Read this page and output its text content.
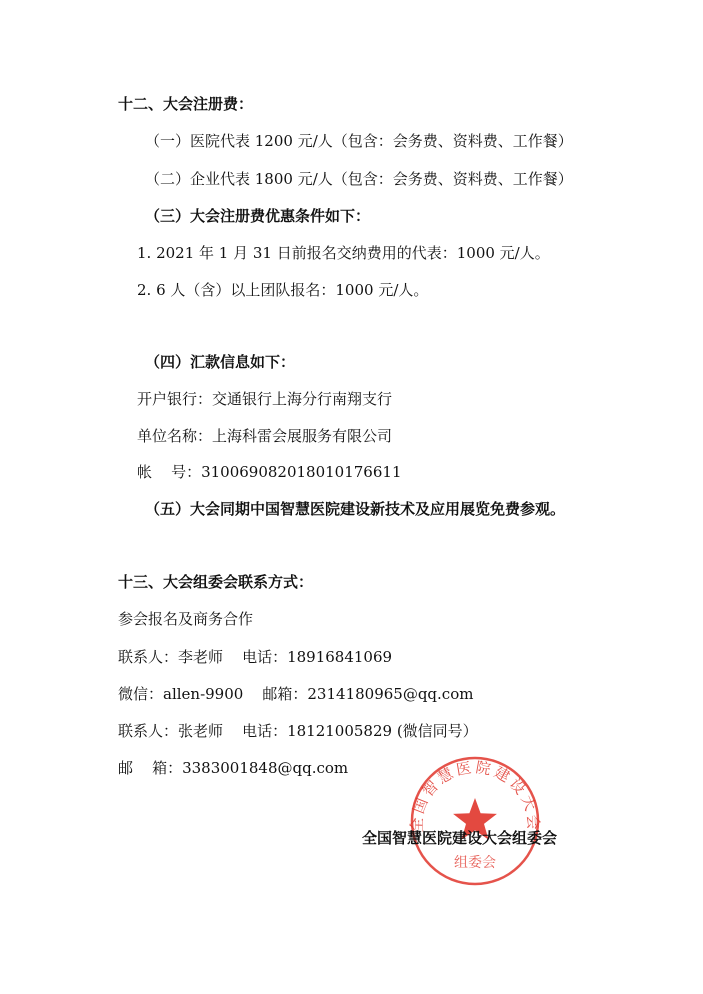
十二、大会注册费：
（一）医院代表 1200 元/人（包含：会务费、资料费、工作餐）
（二）企业代表 1800 元/人（包含：会务费、资料费、工作餐）
（三）大会注册费优惠条件如下：
1. 2021 年 1 月 31 日前报名交纳费用的代表：1000 元/人。
2. 6 人（含）以上团队报名：1000 元/人。
（四）汇款信息如下：
开户银行：交通银行上海分行南翔支行
单位名称：上海科雷会展服务有限公司
帐    号：310069082018010176611
（五）大会同期中国智慧医院建设新技术及应用展览免费参观。
十三、大会组委会联系方式：
参会报名及商务合作
联系人：李老师    电话：18916841069
微信：allen-9900    邮箱：2314180965@qq.com
联系人：张老师    电话：18121005829 (微信同号）
邮    箱：3383001848@qq.com
全国智慧医院建设大会
组委会
全国智慧医院建设大会组委会
